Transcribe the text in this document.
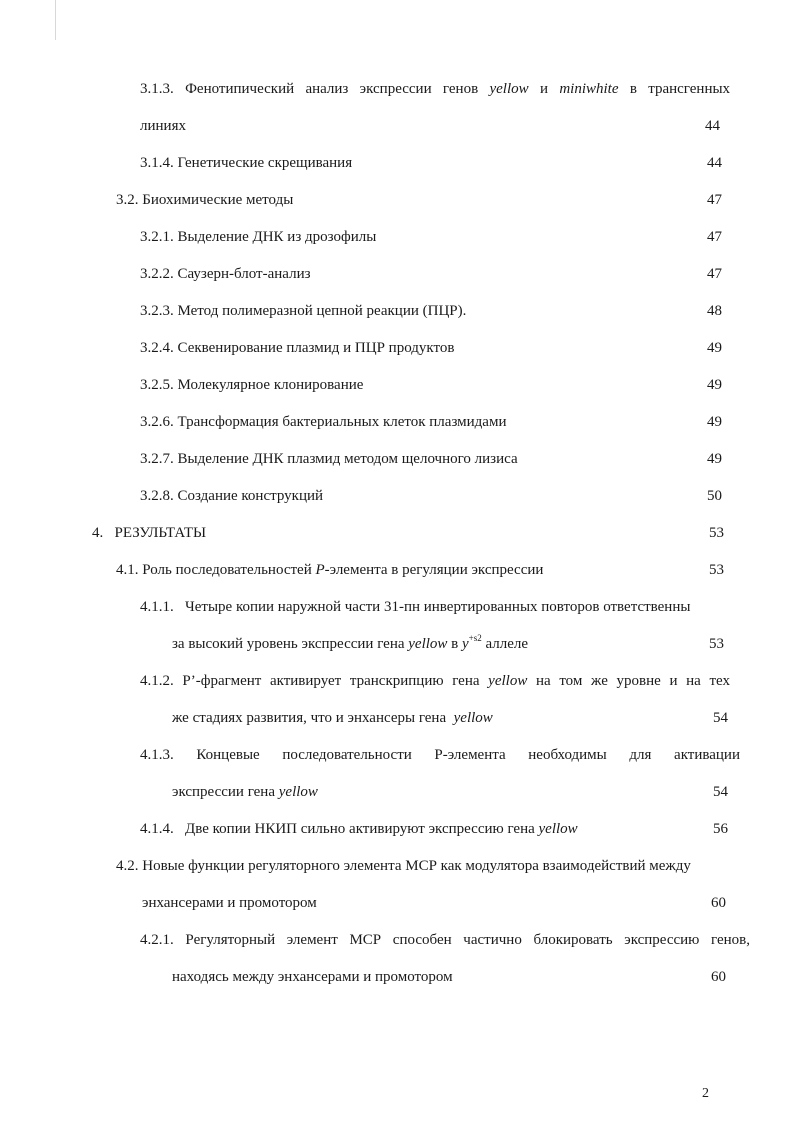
3.1.3. Фенотипический анализ экспрессии генов yellow и miniwhite в трансгенных
линиях	44
3.1.4. Генетические скрещивания	44
3.2. Биохимические методы	47
3.2.1. Выделение ДНК из дрозофилы	47
3.2.2. Саузерн-блот-анализ	47
3.2.3. Метод полимеразной цепной реакции (ПЦР).	48
3.2.4. Секвенирование плазмид и ПЦР продуктов	49
3.2.5. Молекулярное клонирование	49
3.2.6. Трансформация бактериальных клеток плазмидами	49
3.2.7. Выделение ДНК плазмид методом щелочного лизиса	49
3.2.8. Создание конструкций	50
4. РЕЗУЛЬТАТЫ	53
4.1. Роль последовательностей P-элемента в регуляции экспрессии	53
4.1.1. Четыре копии наружной части 31-пн инвертированных повторов ответственны
за высокий уровень экспрессии гена yellow в $y^{+s2}$ аллеле	53
4.1.2. P’-фрагмент активирует транскрипцию гена yellow на том же уровне и на тех
же стадиях развития, что и энхансеры гена yellow	54
4.1.3. Концевые последовательности Р-элемента необходимы для активации
экспрессии гена yellow	54
4.1.4. Две копии НКИП сильно активируют экспрессию гена yellow	56
4.2. Новые функции регуляторного элемента МСР как модулятора взаимодействий между
энхансерами и промотором	60
4.2.1. Регуляторный элемент МСР способен частично блокировать экспрессию генов,
находясь между энхансерами и промотором	60
2
